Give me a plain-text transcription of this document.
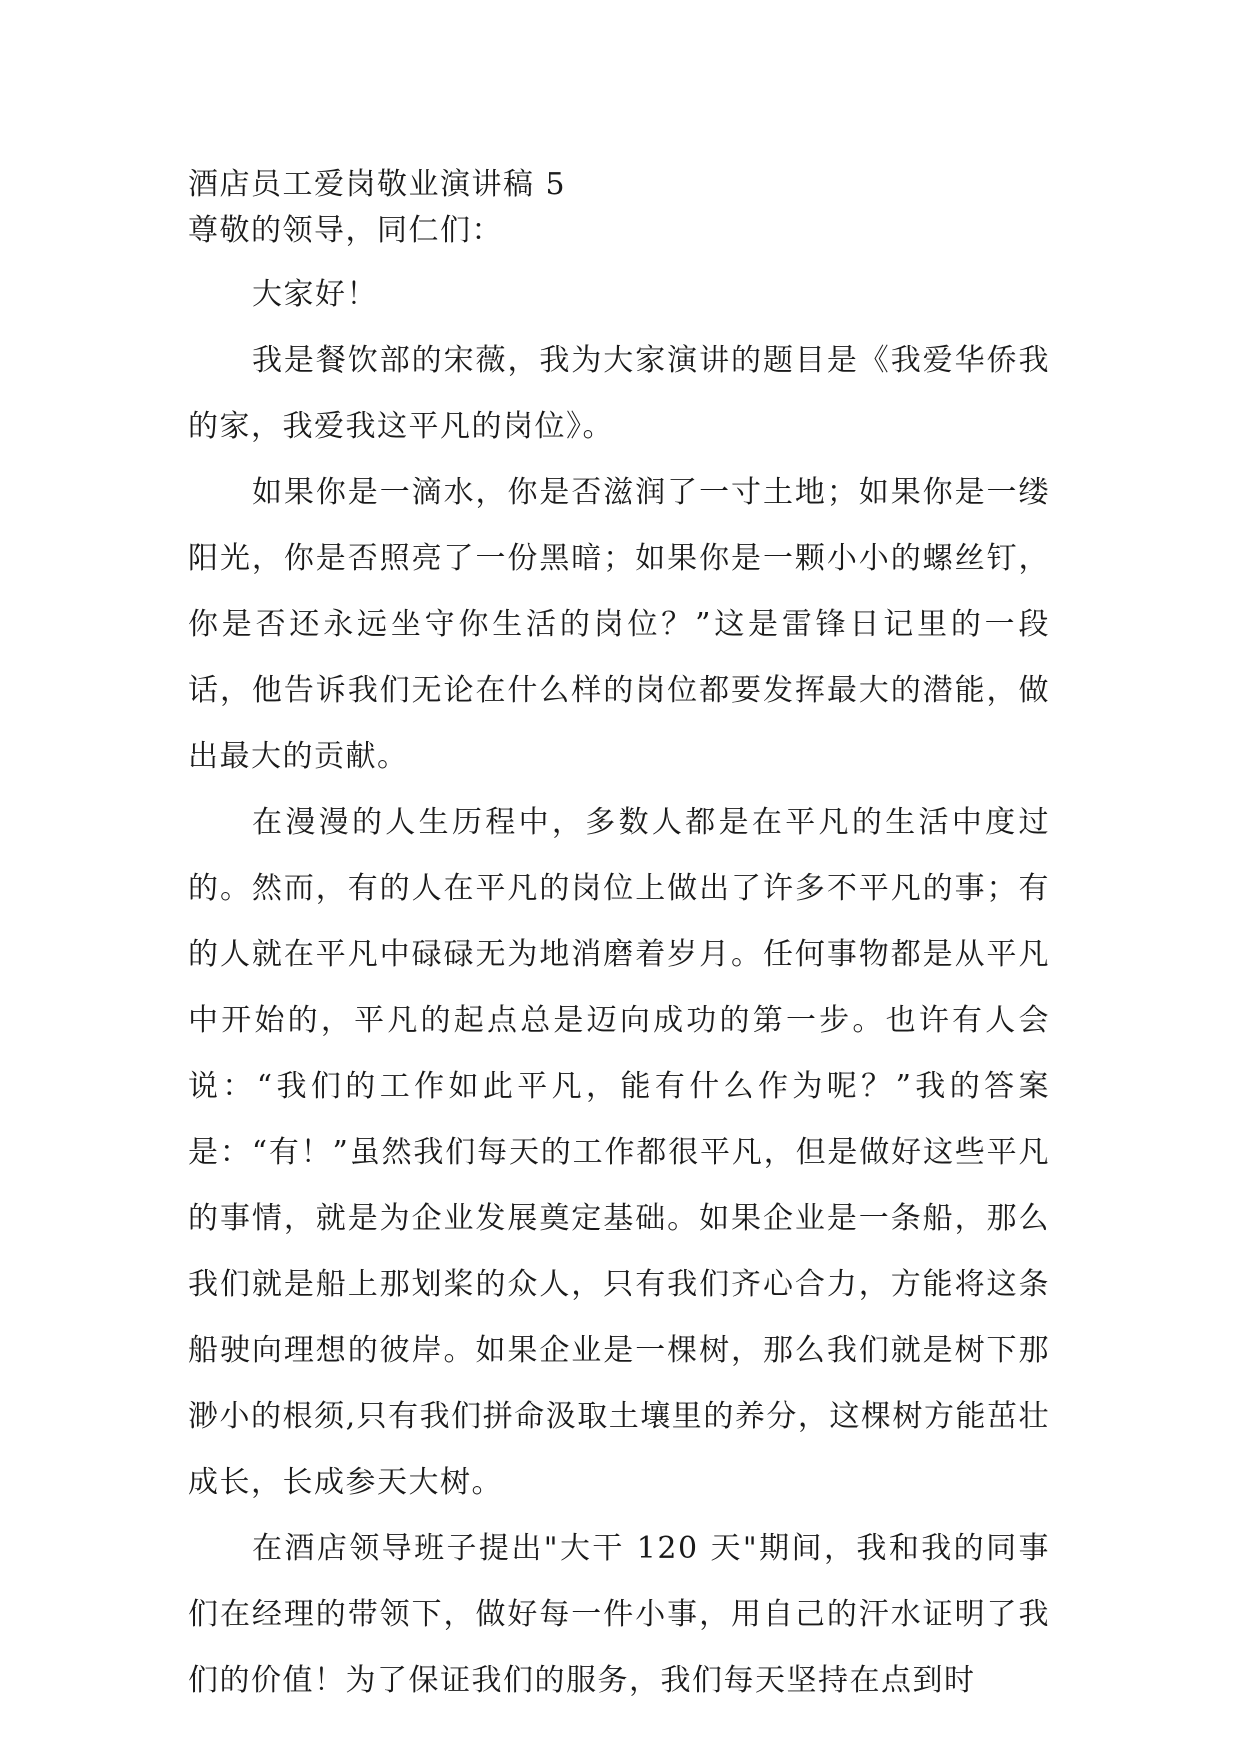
酒店员工爱岗敬业演讲稿 5

尊敬的领导，同仁们：

大家好！

我是餐饮部的宋薇，我为大家演讲的题目是《我爱华侨我的家，我爱我这平凡的岗位》。

如果你是一滴水，你是否滋润了一寸土地；如果你是一缕阳光，你是否照亮了一份黑暗；如果你是一颗小小的螺丝钉，你是否还永远坐守你生活的岗位？”这是雷锋日记里的一段话，他告诉我们无论在什么样的岗位都要发挥最大的潜能，做出最大的贡献。

在漫漫的人生历程中，多数人都是在平凡的生活中度过的。然而，有的人在平凡的岗位上做出了许多不平凡的事；有的人就在平凡中碌碌无为地消磨着岁月。任何事物都是从平凡中开始的，平凡的起点总是迈向成功的第一步。也许有人会说：“我们的工作如此平凡，能有什么作为呢？”我的答案是：“有！”虽然我们每天的工作都很平凡，但是做好这些平凡的事情，就是为企业发展奠定基础。如果企业是一条船，那么我们就是船上那划桨的众人，只有我们齐心合力，方能将这条船驶向理想的彼岸。如果企业是一棵树，那么我们就是树下那渺小的根须,只有我们拼命汲取土壤里的养分，这棵树方能茁壮成长，长成参天大树。

在酒店领导班子提出"大干 120 天"期间，我和我的同事们在经理的带领下，做好每一件小事，用自己的汗水证明了我们的价值！为了保证我们的服务，我们每天坚持在点到时
